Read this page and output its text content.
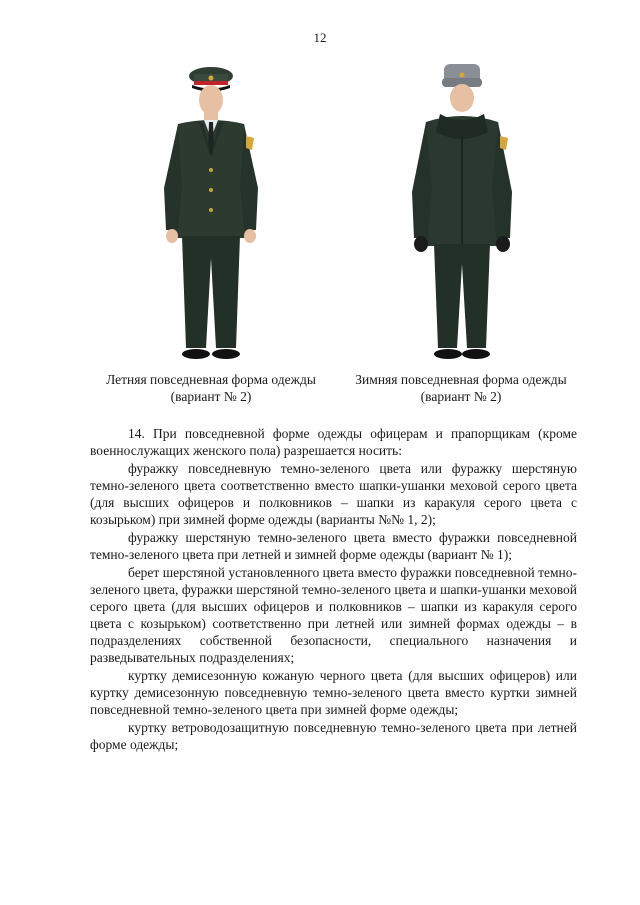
12
Летняя повседневная форма одежды
(вариант № 2)
Зимняя повседневная форма одежды
(вариант № 2)

14. При повседневной форме одежды офицерам и прапорщикам (кроме военнослужащих женского пола) разрешается носить:

фуражку повседневную темно-зеленого цвета или фуражку шерстяную темно-зеленого цвета соответственно вместо шапки-ушанки меховой серого цвета (для высших офицеров и полковников – шапки из каракуля серого цвета с козырьком) при зимней форме одежды (варианты №№ 1, 2);

фуражку шерстяную темно-зеленого цвета вместо фуражки повседневной темно-зеленого цвета при летней и зимней форме одежды (вариант № 1);

берет шерстяной установленного цвета вместо фуражки повседневной темно-зеленого цвета, фуражки шерстяной темно-зеленого цвета и шапки-ушанки меховой серого цвета (для высших офицеров и полковников – шапки из каракуля серого цвета с козырьком) соответственно при летней или зимней формах одежды – в подразделениях собственной безопасности, специального назначения и разведывательных подразделениях;

куртку демисезонную кожаную черного цвета (для высших офицеров) или куртку демисезонную повседневную темно-зеленого цвета вместо куртки зимней повседневной темно-зеленого цвета при зимней форме одежды;

куртку ветроводозащитную повседневную темно-зеленого цвета при летней форме одежды;
